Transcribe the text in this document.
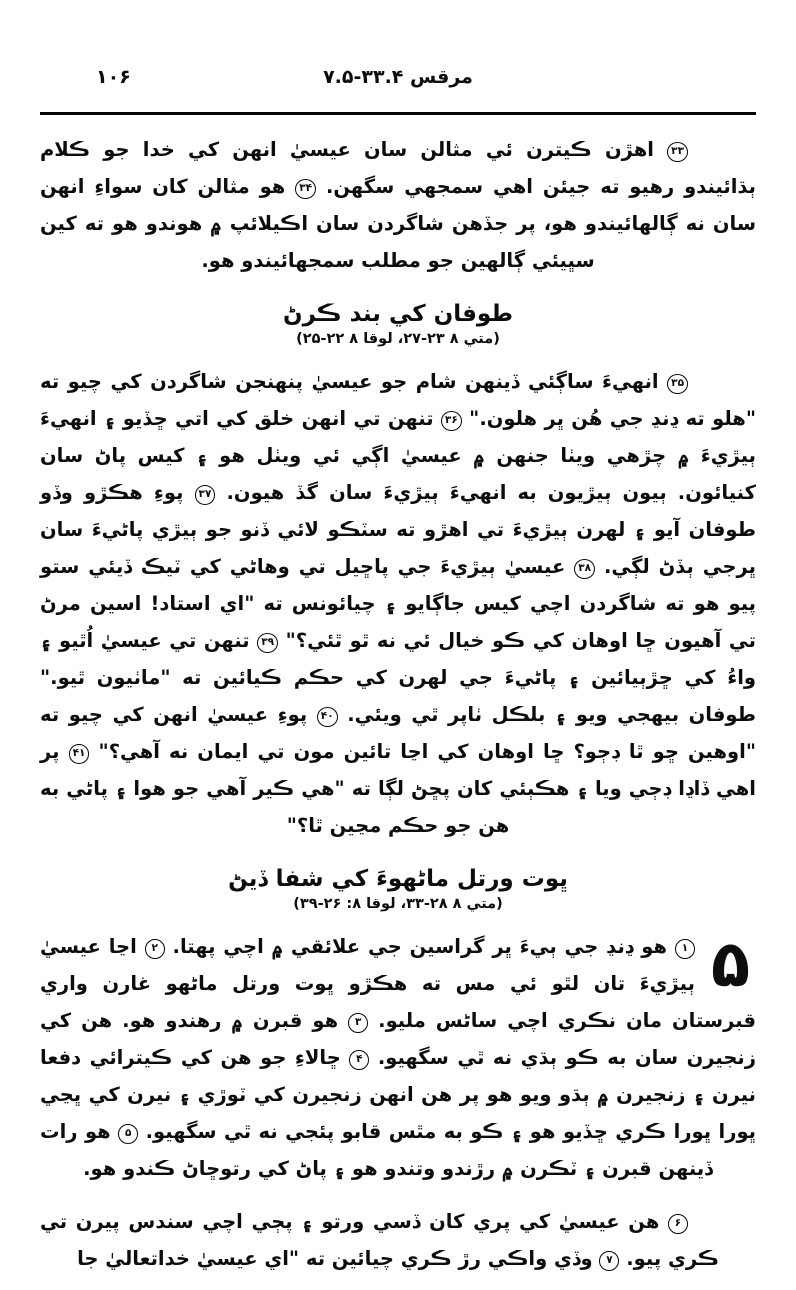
مرقس ۳۳.۴-۷.۵
۱۰۶

۳۳ اهڙن ڪيترن ئي مثالن سان عيسيٰ انهن کي خدا جو ڪلام ٻڌائيندو رهيو ته جيئن اهي سمجهي سگهن. ۳۴ هو مثالن کان سواءِ انهن سان نه ڳالهائيندو هو، پر جڏهن شاگردن سان اڪيلائپ ۾ هوندو هو ته کين سڀيئي ڳالهين جو مطلب سمجهائيندو هو.

طوفان کي بند ڪرڻ
(متي ۸ ۲۳-۲۷، لوقا ۸ ۲۲-۲۵)

۳۵ انهيءَ ساڳئي ڏينهن شام جو عيسيٰ پنهنجن شاگردن کي چيو ته "هلو ته ڍنڍ جي هُن ڀر هلون." ۳۶ تنهن تي انهن خلق کي اتي ڇڏيو ۽ انهيءَ ٻيڙيءَ ۾ چڙهي ويٺا جنهن ۾ عيسيٰ اڳي ئي ويٺل هو ۽ کيس پاڻ سان کنيائون. ٻيون ٻيڙيون به انهيءَ ٻيڙيءَ سان گڏ هيون. ۳۷ پوءِ هڪڙو وڏو طوفان آيو ۽ لهرن ٻيڙيءَ تي اهڙو ته سٽڪو لائي ڏنو جو ٻيڙي پاڻيءَ سان ڀرجي ٻڏڻ لڳي. ۳۸ عيسيٰ ٻيڙيءَ جي پاڇيل تي وهاڻي کي ٽيڪ ڏيئي ستو پيو هو ته شاگردن اچي کيس جاڳايو ۽ چيائونس ته "اي استاد! اسين مرڻ تي آهيون ڇا اوهان کي ڪو خيال ئي نه ٿو ٿئي؟" ۳۹ تنهن تي عيسيٰ اُٿيو ۽ واءُ کي ڇڙٻيائين ۽ پاڻيءَ جي لهرن کي حڪم ڪيائين ته "ماٺيون ٿيو." طوفان بيهجي ويو ۽ بلڪل ٺاپر ٿي ويئي. ۴۰ پوءِ عيسيٰ انهن کي چيو ته "اوهين ڇو ٿا ڊڄو؟ ڇا اوهان کي اڃا تائين مون تي ايمان نه آهي؟" ۴۱ پر اهي ڏاڍا ڊڄي ويا ۽ هڪٻئي کان پڇڻ لڳا ته "هي ڪير آهي جو هوا ۽ پاڻي به هن جو حڪم مڃين ٿا؟"

ڀوت ورتل ماڻهوءَ کي شفا ڏيڻ
(متي ۸ ۲۸-۳۳، لوقا ۸: ۲۶-۳۹)

۵
۱ هو ڍنڍ جي ٻيءَ ڀر گراسين جي علائقي ۾ اچي پهتا. ۲ اڃا عيسيٰ ٻيڙيءَ تان لٿو ئي مس ته هڪڙو ڀوت ورتل ماڻهو غارن واري قبرستان مان نڪري اچي ساڻس مليو. ۳ هو قبرن ۾ رهندو هو. هن کي زنجيرن سان به ڪو ٻڌي نه ٿي سگهيو. ۴ ڇالاءِ جو هن کي ڪيترائي دفعا نيرن ۽ زنجيرن ۾ ٻڌو ويو هو پر هن انهن زنجيرن کي ٽوڙي ۽ نيرن کي ڀڃي ڀورا ڀورا ڪري ڇڏيو هو ۽ ڪو به مٿس قابو پئجي نه ٿي سگهيو. ۵ هو رات ڏينهن قبرن ۽ ٽڪرن ۾ رڙندو وتندو هو ۽ پاڻ کي رتوڇاڻ ڪندو هو.

۶ هن عيسيٰ کي پري کان ڏسي ورتو ۽ پڄي اچي سندس پيرن تي ڪري پيو. ۷ وڏي واڪي رڙ ڪري چيائين ته "اي عيسيٰ خداتعاليٰ جا
